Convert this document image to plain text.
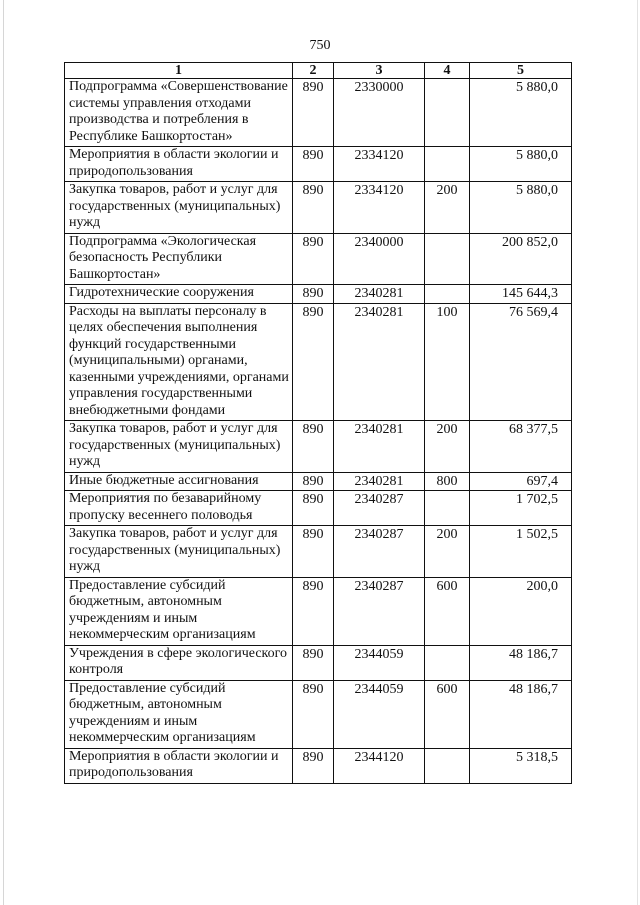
750
1	2	3	4	5
Подпрограмма «Совершенствование системы управления отходами производства и потребления в Республике Башкортостан»	890	2330000		5 880,0
Мероприятия в области экологии и природопользования	890	2334120		5 880,0
Закупка товаров, работ и услуг для государственных (муниципальных) нужд	890	2334120	200	5 880,0
Подпрограмма «Экологическая безопасность Республики Башкортостан»	890	2340000		200 852,0
Гидротехнические сооружения	890	2340281		145 644,3
Расходы на выплаты персоналу в целях обеспечения выполнения функций государственными (муниципальными) органами, казенными учреждениями, органами управления государственными внебюджетными фондами	890	2340281	100	76 569,4
Закупка товаров, работ и услуг для государственных (муниципальных) нужд	890	2340281	200	68 377,5
Иные бюджетные ассигнования	890	2340281	800	697,4
Мероприятия по безаварийному пропуску весеннего половодья	890	2340287		1 702,5
Закупка товаров, работ и услуг для государственных (муниципальных) нужд	890	2340287	200	1 502,5
Предоставление субсидий бюджетным, автономным учреждениям и иным некоммерческим организациям	890	2340287	600	200,0
Учреждения в сфере экологического контроля	890	2344059		48 186,7
Предоставление субсидий бюджетным, автономным учреждениям и иным некоммерческим организациям	890	2344059	600	48 186,7
Мероприятия в области экологии и природопользования	890	2344120		5 318,5
